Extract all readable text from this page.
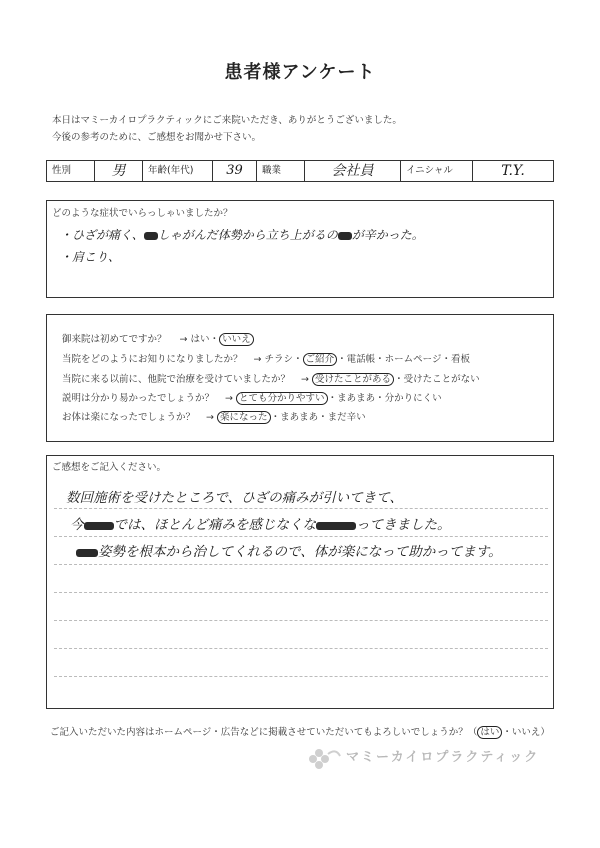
患者様アンケート
本日はマミーカイロプラクティックにご来院いただき、ありがとうございました。
今後の参考のために、ご感想をお聞かせ下さい。
性別	男	年齢(年代)	39	職業	会社員	イニシャル	T.Y.
どのような症状でいらっしゃいましたか？
・ひざが痛く、 しゃがんだ体勢から立ち上がるの が辛かった。
・肩こり、
御来院は初めてですか？ → はい・ いいえ
当院をどのようにお知りになりましたか？ → チラシ・ ご紹介 ・電話帳・ホームページ・看板
当院に来る以前に、他院で治療を受けていましたか？ → 受けたことがある ・受けたことがない
説明は分かり易かったでしょうか？ → とても分かりやすい ・まあまあ・分かりにくい
お体は楽になったでしょうか？ → 楽になった ・まあまあ・まだ辛い
ご感想をご記入ください。
数回施術を受けたところで、ひざの痛みが引いてきて、
今 では、ほとんど痛みを感じなくな	ってきました。
姿勢を根本から治してくれるので、体が楽になって助かってます。
ご記入いただいた内容はホームページ・広告などに掲載させていただいてもよろしいでしょうか？（ はい ・いいえ）
マミーカイロプラクティック
